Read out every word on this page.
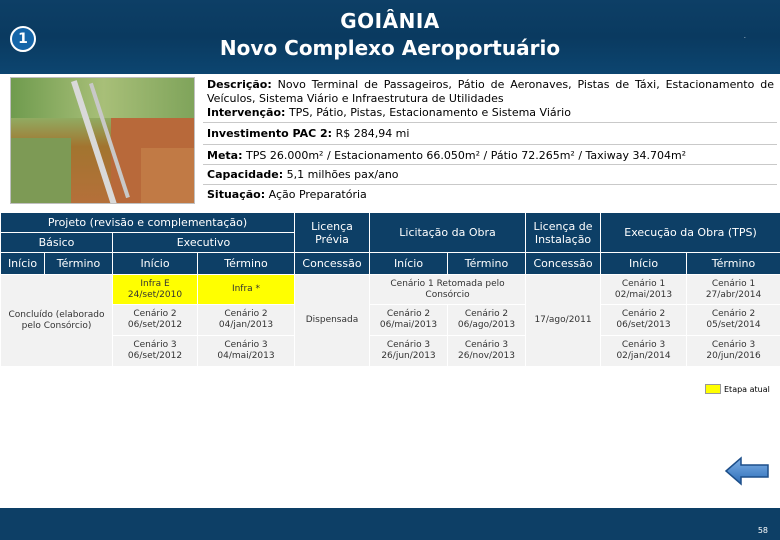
1
GOIÂNIA
Novo Complexo Aeroportuário	.
Descrição: Novo Terminal de Passageiros, Pátio de Aeronaves, Pistas de Táxi, Estacionamento de Veículos, Sistema Viário e Infraestrutura de Utilidades
Intervenção: TPS, Pátio, Pistas, Estacionamento e Sistema Viário
Investimento PAC 2: R$ 284,94 mi
Meta: TPS 26.000m² / Estacionamento 66.050m² / Pátio 72.265m² / Taxiway 34.704m²
Capacidade: 5,1 milhões pax/ano
Situação: Ação Preparatória
Projeto (revisão e complementação)				Licença Prévia	Licitação da Obra		Licença de Instalação	Execução da Obra (TPS)	
Básico		Executivo							
Início	Término	Início	Término	Concessão	Início	Término	Concessão	Início	Término
Concluído (elaborado pelo Consórcio)		Infra E 24/set/2010	Infra *	Dispensada	Cenário 1 Retomada pelo Consórcio		17/ago/2011	Cenário 1 02/mai/2013	Cenário 1 27/abr/2014
		Cenário 2 06/set/2012	Cenário 2 04/jan/2013		Cenário 2 06/mai/2013	Cenário 2 06/ago/2013		Cenário 2 06/set/2013	Cenário 2 05/set/2014
		Cenário 3 06/set/2012	Cenário 3 04/mai/2013		Cenário 3 26/jun/2013	Cenário 3 26/nov/2013		Cenário 3 02/jan/2014	Cenário 3 20/jun/2016
Etapa atual
58
